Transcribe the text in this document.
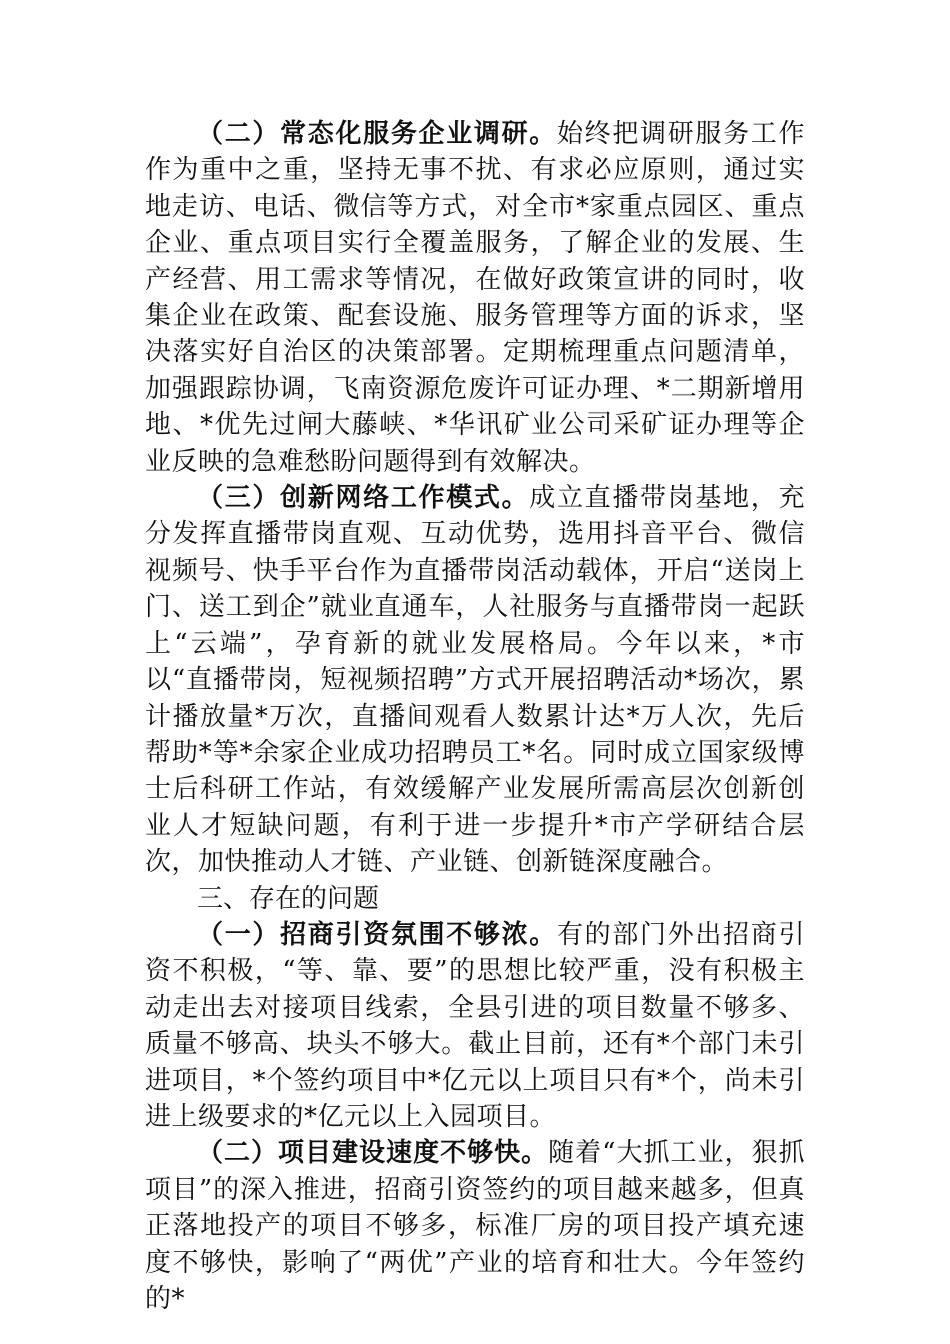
（二）常态化服务企业调研。始终把调研服务工作作为重中之重，坚持无事不扰、有求必应原则，通过实地走访、电话、微信等方式，对全市*家重点园区、重点企业、重点项目实行全覆盖服务，了解企业的发展、生产经营、用工需求等情况，在做好政策宣讲的同时，收集企业在政策、配套设施、服务管理等方面的诉求，坚决落实好自治区的决策部署。定期梳理重点问题清单，加强跟踪协调，飞南资源危废许可证办理、*二期新增用地、*优先过闸大藤峡、*华讯矿业公司采矿证办理等企业反映的急难愁盼问题得到有效解决。

（三）创新网络工作模式。成立直播带岗基地，充分发挥直播带岗直观、互动优势，选用抖音平台、微信视频号、快手平台作为直播带岗活动载体，开启“送岗上门、送工到企”就业直通车，人社服务与直播带岗一起跃上“云端”，孕育新的就业发展格局。今年以来，*市以“直播带岗，短视频招聘”方式开展招聘活动*场次，累计播放量*万次，直播间观看人数累计达*万人次，先后帮助*等*余家企业成功招聘员工*名。同时成立国家级博士后科研工作站，有效缓解产业发展所需高层次创新创业人才短缺问题，有利于进一步提升*市产学研结合层次，加快推动人才链、产业链、创新链深度融合。

三、存在的问题

（一）招商引资氛围不够浓。有的部门外出招商引资不积极，“等、靠、要”的思想比较严重，没有积极主动走出去对接项目线索，全县引进的项目数量不够多、质量不够高、块头不够大。截止目前，还有*个部门未引进项目，*个签约项目中*亿元以上项目只有*个，尚未引进上级要求的*亿元以上入园项目。

（二）项目建设速度不够快。随着“大抓工业，狠抓项目”的深入推进，招商引资签约的项目越来越多，但真正落地投产的项目不够多，标准厂房的项目投产填充速度不够快，影响了“两优”产业的培育和壮大。今年签约的*
